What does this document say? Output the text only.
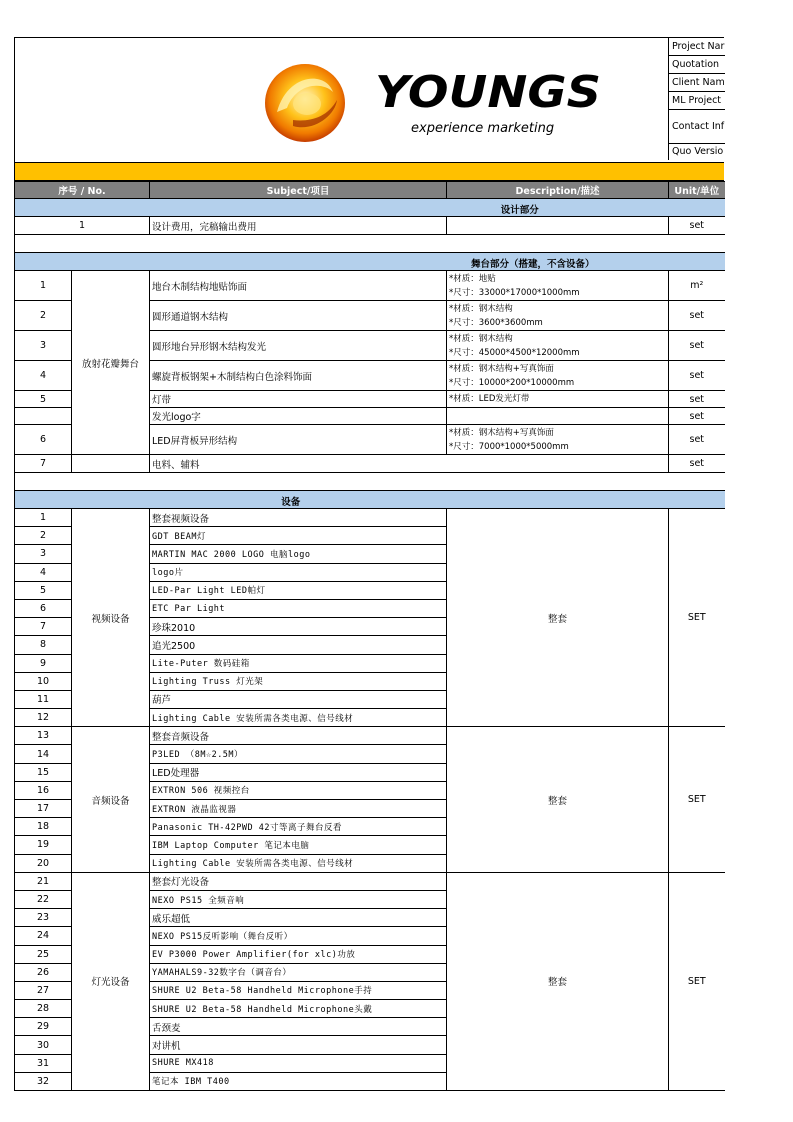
YOUNGS
experience marketing
Project Nar
Quotation
Client Nam
ML Project
Contact Inf
Quo Versio
序号 / No.		Subject/项目	Description/描述	Unit/单位
设计部分				
1		设计费用，完稿输出费用		set

舞台部分（搭建，不含设备）				
1	放射花瓣舞台	地台木制结构地贴饰面	*材质：地贴
*尺寸：33000*17000*1000mm	m²
2		圆形通道钢木结构	*材质：钢木结构
*尺寸：3600*3600mm	set
3		圆形地台异形钢木结构发光	*材质：钢木结构
*尺寸：45000*4500*12000mm	set
4		螺旋背板钢架+木制结构白色涂料饰面	*材质：钢木结构+写真饰面
*尺寸：10000*200*10000mm	set
5		灯带	*材质：LED发光灯带	set
		发光logo字		set
6		LED屏背板异形结构	*材质：钢木结构+写真饰面
*尺寸：7000*1000*5000mm	set
7		电料、辅料		set

设备				
1	视频设备	整套视频设备	整套	SET
2		GDT BEAM灯		
3		MARTIN MAC 2000 LOGO 电脑logo		
4		logo片		
5		LED-Par Light LED帕灯		
6		ETC Par Light		
7		珍珠2010		
8		追光2500		
9		Lite-Puter 数码硅箱		
10		Lighting Truss 灯光架		
11		葫芦		
12		Lighting Cable 安装所需各类电源、信号线材		
13	音频设备	整套音频设备	整套	SET
14		P3LED （8M☆2.5M）		
15		LED处理器		
16		EXTRON 506 视频控台		
17		EXTRON 液晶监视器		
18		Panasonic TH-42PWD 42寸等离子舞台反看		
19		IBM Laptop Computer 笔记本电脑		
20		Lighting Cable 安装所需各类电源、信号线材		
21	灯光设备	整套灯光设备	整套	SET
22		NEXO PS15 全频音响		
23		威乐超低		
24		NEXO PS15反听影响（舞台反听）		
25		EV P3000 Power Amplifier(for xlc)功放		
26		YAMAHALS9-32数字台（调音台）		
27		SHURE U2 Beta-58 Handheld Microphone手持		
28		SHURE U2 Beta-58 Handheld Microphone头戴		
29		舌颈麦		
30		对讲机		
31		SHURE MX418		
32		笔记本 IBM T400		
